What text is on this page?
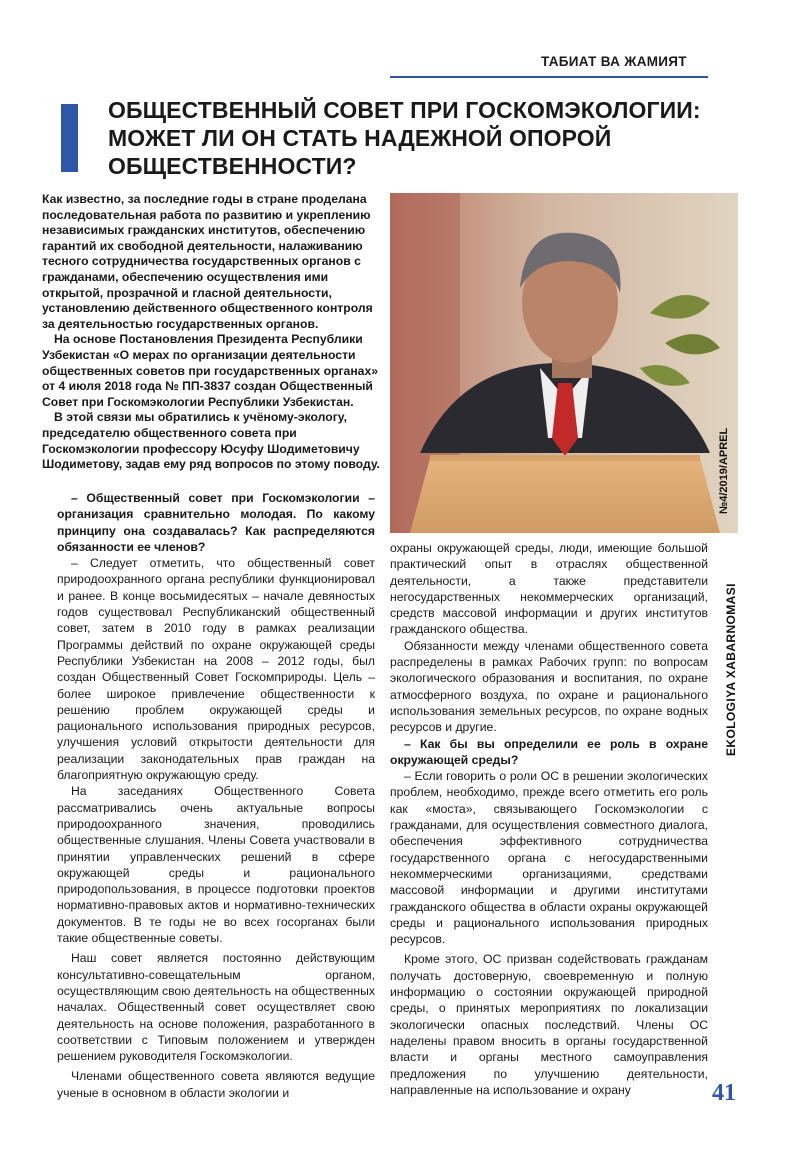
ТАБИАТ ВА ЖАМИЯТ
ОБЩЕСТВЕННЫЙ СОВЕТ ПРИ ГОСКОМЭКОЛОГИИ:
МОЖЕТ ЛИ ОН СТАТЬ НАДЕЖНОЙ ОПОРОЙ
ОБЩЕСТВЕННОСТИ?

Как известно, за последние годы в стране проделана последовательная работа по развитию и укреплению независимых гражданских институтов, обеспечению гарантий их свободной деятельности, налаживанию тесного сотрудничества государственных органов с гражданами, обеспечению осуществления ими открытой, прозрачной и гласной деятельности, установлению действенного общественного контроля за деятельностью государственных органов.

На основе Постановления Президента Республики Узбекистан «О мерах по организации деятельности общественных советов при государственных органах» от 4 июля 2018 года № ПП-3837 создан Общественный Совет при Госкомэкологии Республики Узбекистан.

В этой связи мы обратились к учёному-экологу, председателю общественного совета при Госкомэкологии профессору Юсуфу Шодиметовичу Шодиметову, задав ему ряд вопросов по этому поводу.	№4/2019/APREL
EKOLOGIYA XABARNOMASI

– Общественный совет при Госкомэкологии – организация сравнительно молодая. По какому принципу она создавалась? Как распределяются обязанности ее членов?

– Следует отметить, что общественный совет природоохранного органа республики функционировал и ранее. В конце восьмидесятых – начале девяностых годов существовал Республиканский общественный совет, затем в 2010 году в рамках реализации Программы действий по охране окружающей среды Республики Узбекистан на 2008 – 2012 годы, был создан Общественный Совет Госкомприроды. Цель – более широкое привлечение общественности к решению проблем окружающей среды и рационального использования природных ресурсов, улучшения условий открытости деятельности для реализации законодательных прав граждан на благоприятную окружающую среду.

На заседаниях Общественного Совета рассматривались очень актуальные вопросы природоохранного значения, проводились общественные слушания. Члены Совета участвовали в принятии управленческих решений в сфере окружающей среды и рационального природопользования, в процессе подготовки проектов нормативно-правовых актов и нормативно-технических документов. В те годы не во всех госорганах были такие общественные советы.

Наш совет является постоянно действующим консультативно-совещательным органом, осуществляющим свою деятельность на общественных началах. Общественный совет осуществляет свою деятельность на основе положения, разработанного в соответствии с Типовым положением и утвержден решением руководителя Госкомэкологии.

Членами общественного совета являются ведущие ученые в основном в области экологии и

охраны окружающей среды, люди, имеющие большой практический опыт в отраслях общественной деятельности, а также представители негосударственных некоммерческих организаций, средств массовой информации и других институтов гражданского общества.

Обязанности между членами общественного совета распределены в рамках Рабочих групп: по вопросам экологического образования и воспитания, по охране атмосферного воздуха, по охране и рационального использования земельных ресурсов, по охране водных ресурсов и другие.

– Как бы вы определили ее роль в охране окружающей среды?

– Если говорить о роли ОС в решении экологических проблем, необходимо, прежде всего отметить его роль как «моста», связывающего Госкомэкологии с гражданами, для осуществления совместного диалога, обеспечения эффективного сотрудничества государственного органа с негосударственными некоммерческими организациями, средствами массовой информации и другими институтами гражданского общества в области охраны окружающей среды и рационального использования природных ресурсов.

Кроме этого, ОС призван содействовать гражданам получать достоверную, своевременную и полную информацию о состоянии окружающей природной среды, о принятых мероприятиях по локализации экологически опасных последствий. Члены ОС наделены правом вносить в органы государственной власти и органы местного самоуправления предложения по улучшению деятельности, направленные на использование и охрану	41
